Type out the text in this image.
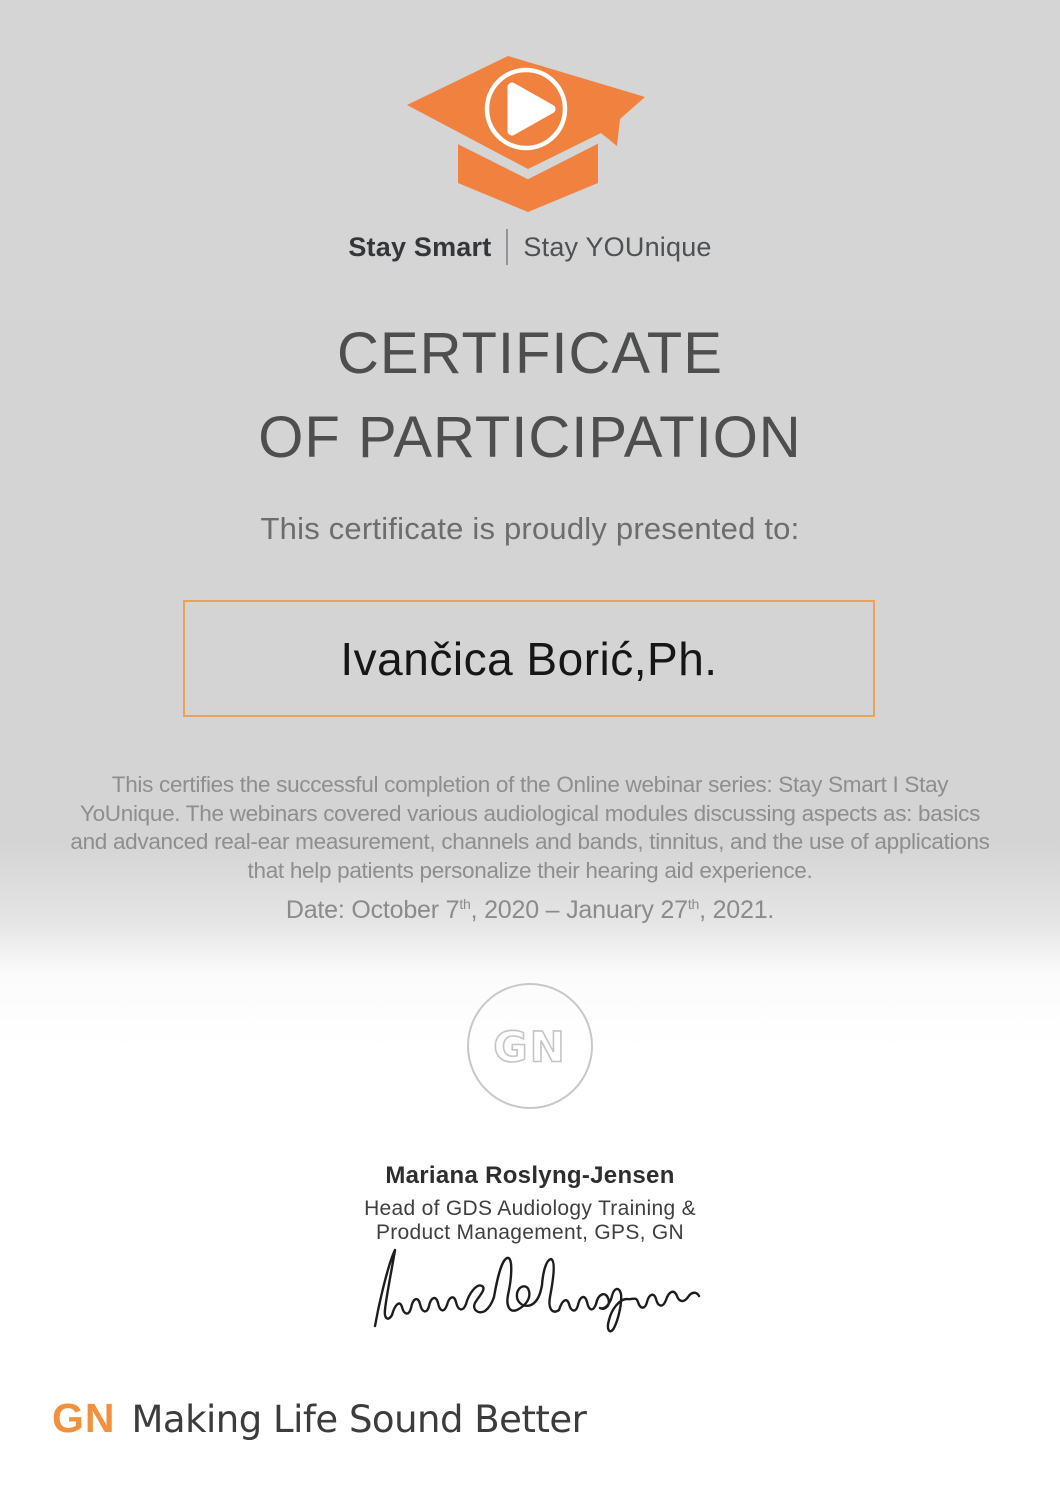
Stay Smart Stay YOUnique
CERTIFICATE
OF PARTICIPATION
This certificate is proudly presented to:
Ivančica Borić,Ph.
This certifies the successful completion of the Online webinar series: Stay Smart I Stay
YoUnique. The webinars covered various audiological modules discussing aspects as: basics
and advanced real-ear measurement, channels and bands, tinnitus, and the use of applications
that help patients personalize their hearing aid experience.
Date: October 7th, 2020 – January 27th, 2021.
GN
Mariana Roslyng-Jensen
Head of GDS Audiology Training &
Product Management, GPS, GN
GN Making Life Sound Better
